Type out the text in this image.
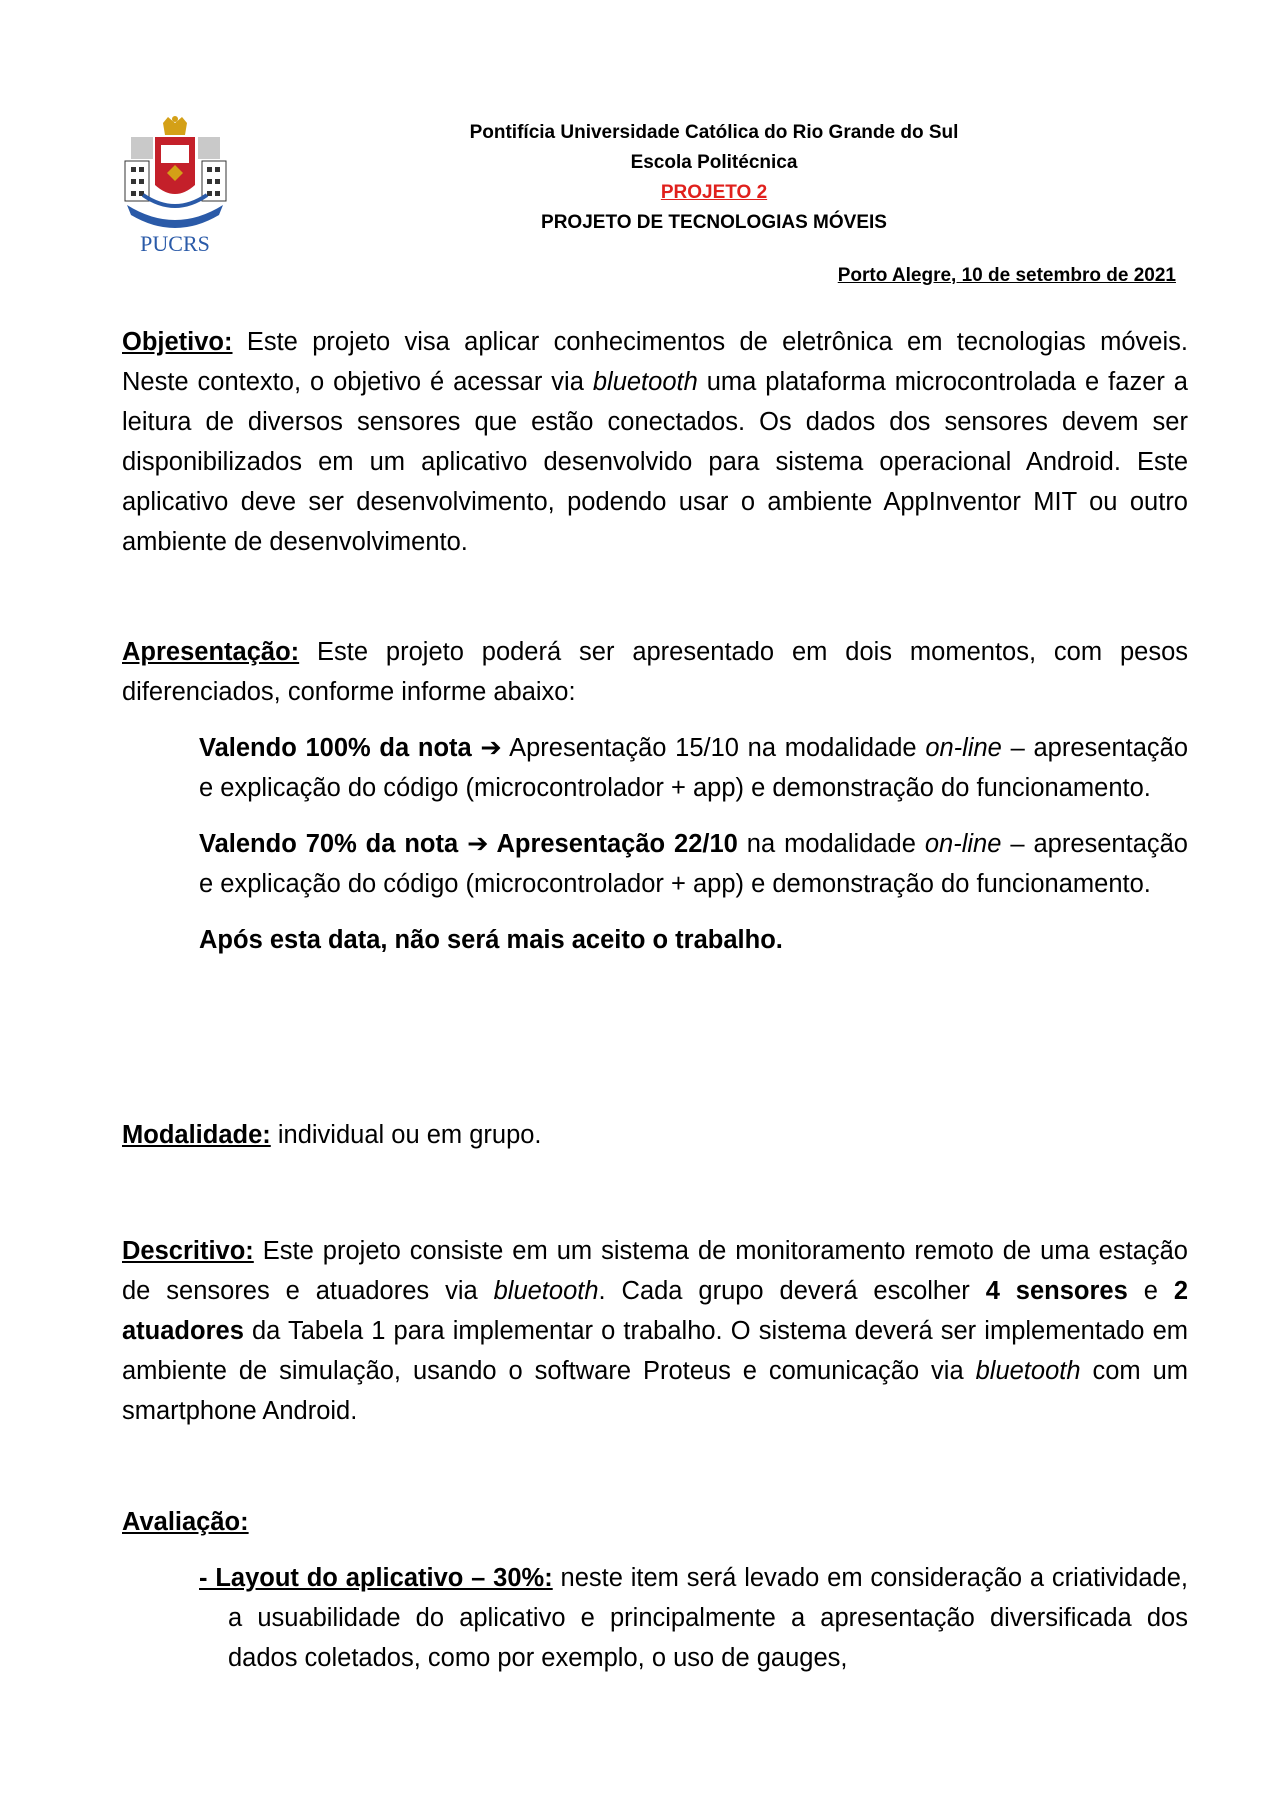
PUCRS
Pontifícia Universidade Católica do Rio Grande do Sul
Escola Politécnica
PROJETO 2
PROJETO DE TECNOLOGIAS MÓVEIS
Porto Alegre, 10 de setembro de 2021

Objetivo: Este projeto visa aplicar conhecimentos de eletrônica em tecnologias móveis. Neste contexto, o objetivo é acessar via bluetooth uma plataforma microcontrolada e fazer a leitura de diversos sensores que estão conectados. Os dados dos sensores devem ser disponibilizados em um aplicativo desenvolvido para sistema operacional Android. Este aplicativo deve ser desenvolvimento, podendo usar o ambiente AppInventor MIT ou outro ambiente de desenvolvimento.

Apresentação: Este projeto poderá ser apresentado em dois momentos, com pesos diferenciados, conforme informe abaixo:

Valendo 100% da nota ➔ Apresentação 15/10 na modalidade on-line – apresentação e explicação do código (microcontrolador + app) e demonstração do funcionamento.

Valendo 70% da nota ➔ Apresentação 22/10 na modalidade on-line – apresentação e explicação do código (microcontrolador + app) e demonstração do funcionamento.

Após esta data, não será mais aceito o trabalho.

Modalidade: individual ou em grupo.

Descritivo: Este projeto consiste em um sistema de monitoramento remoto de uma estação de sensores e atuadores via bluetooth. Cada grupo deverá escolher 4 sensores e 2 atuadores da Tabela 1 para implementar o trabalho. O sistema deverá ser implementado em ambiente de simulação, usando o software Proteus e comunicação via bluetooth com um smartphone Android.

Avaliação:

- Layout do aplicativo – 30%: neste item será levado em consideração a criatividade, a usuabilidade do aplicativo e principalmente a apresentação diversificada dos dados coletados, como por exemplo, o uso de gauges,
